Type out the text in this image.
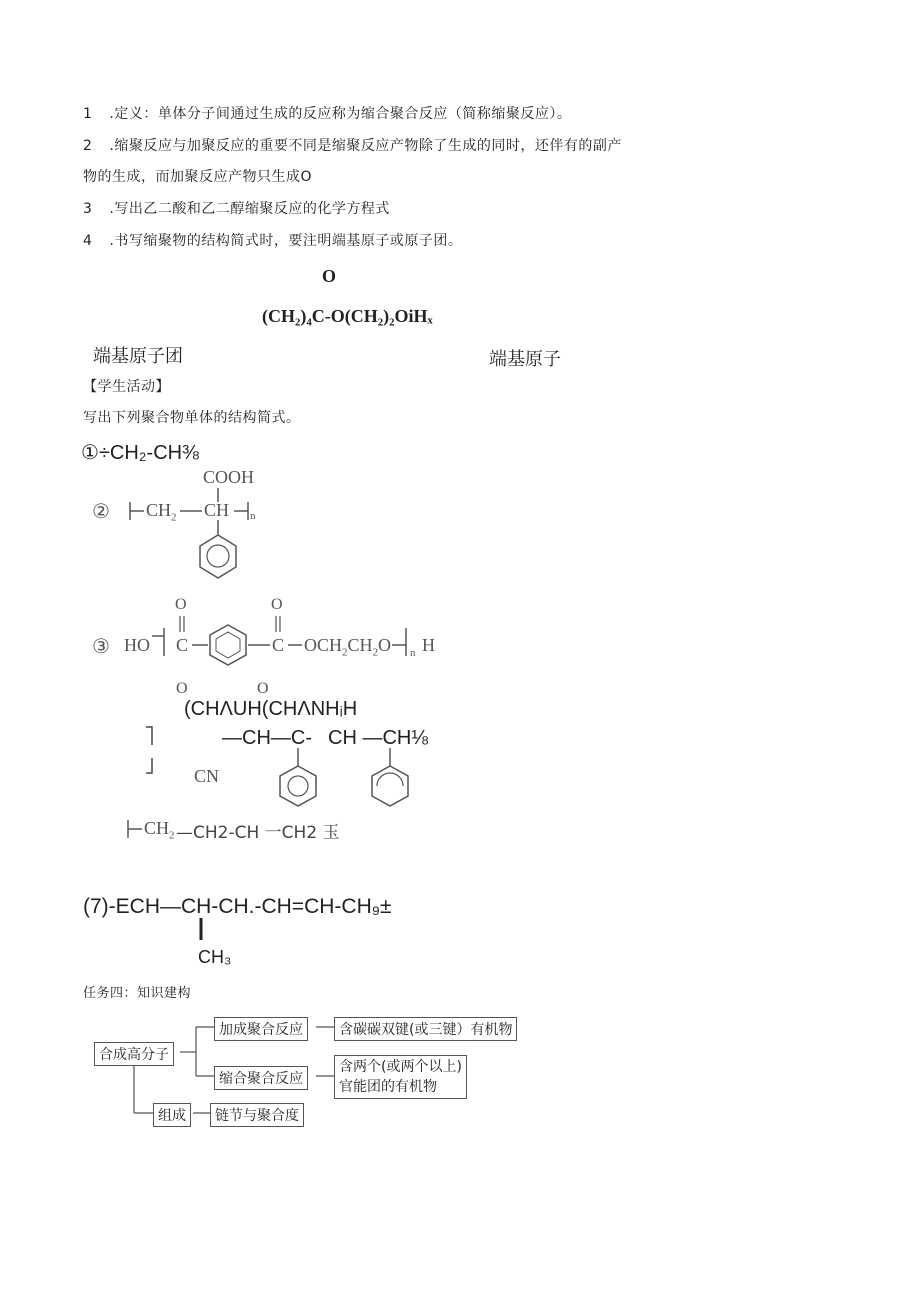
1 .定义：单体分子间通过生成的反应称为缩合聚合反应（简称缩聚反应）。
2 .缩聚反应与加聚反应的重要不同是缩聚反应产物除了生成的同时，还伴有的副产
物的生成，而加聚反应产物只生成O
3 .写出乙二酸和乙二醇缩聚反应的化学方程式
4 .书写缩聚物的结构简式时，要注明端基原子或原子团。
O
(CH₂)₄C-O(CH₂)₂OiHₓ
端基原子团	端基原子
【学生活动】
写出下列聚合物单体的结构简式。
①÷CH₂-CH⅜
COOH
② $CH_2$ CH n
O	O
③ HO C	C $OCH_2CH_2O$ n H
O	O
(CHΛUH(CHΛNHᵢH
—CH—C- CH —CH⅛
CN
$CH_2$ —CH2-CH 一CH2 玉
(7)-ECH—CH-CH.-CH=CH-CH₉±
CH₃
任务四：知识建构
合成高分子
加成聚合反应	含碳碳双键(或三键）有机物
缩合聚合反应
含两个(或两个以上)
官能团的有机物
组成	链节与聚合度
